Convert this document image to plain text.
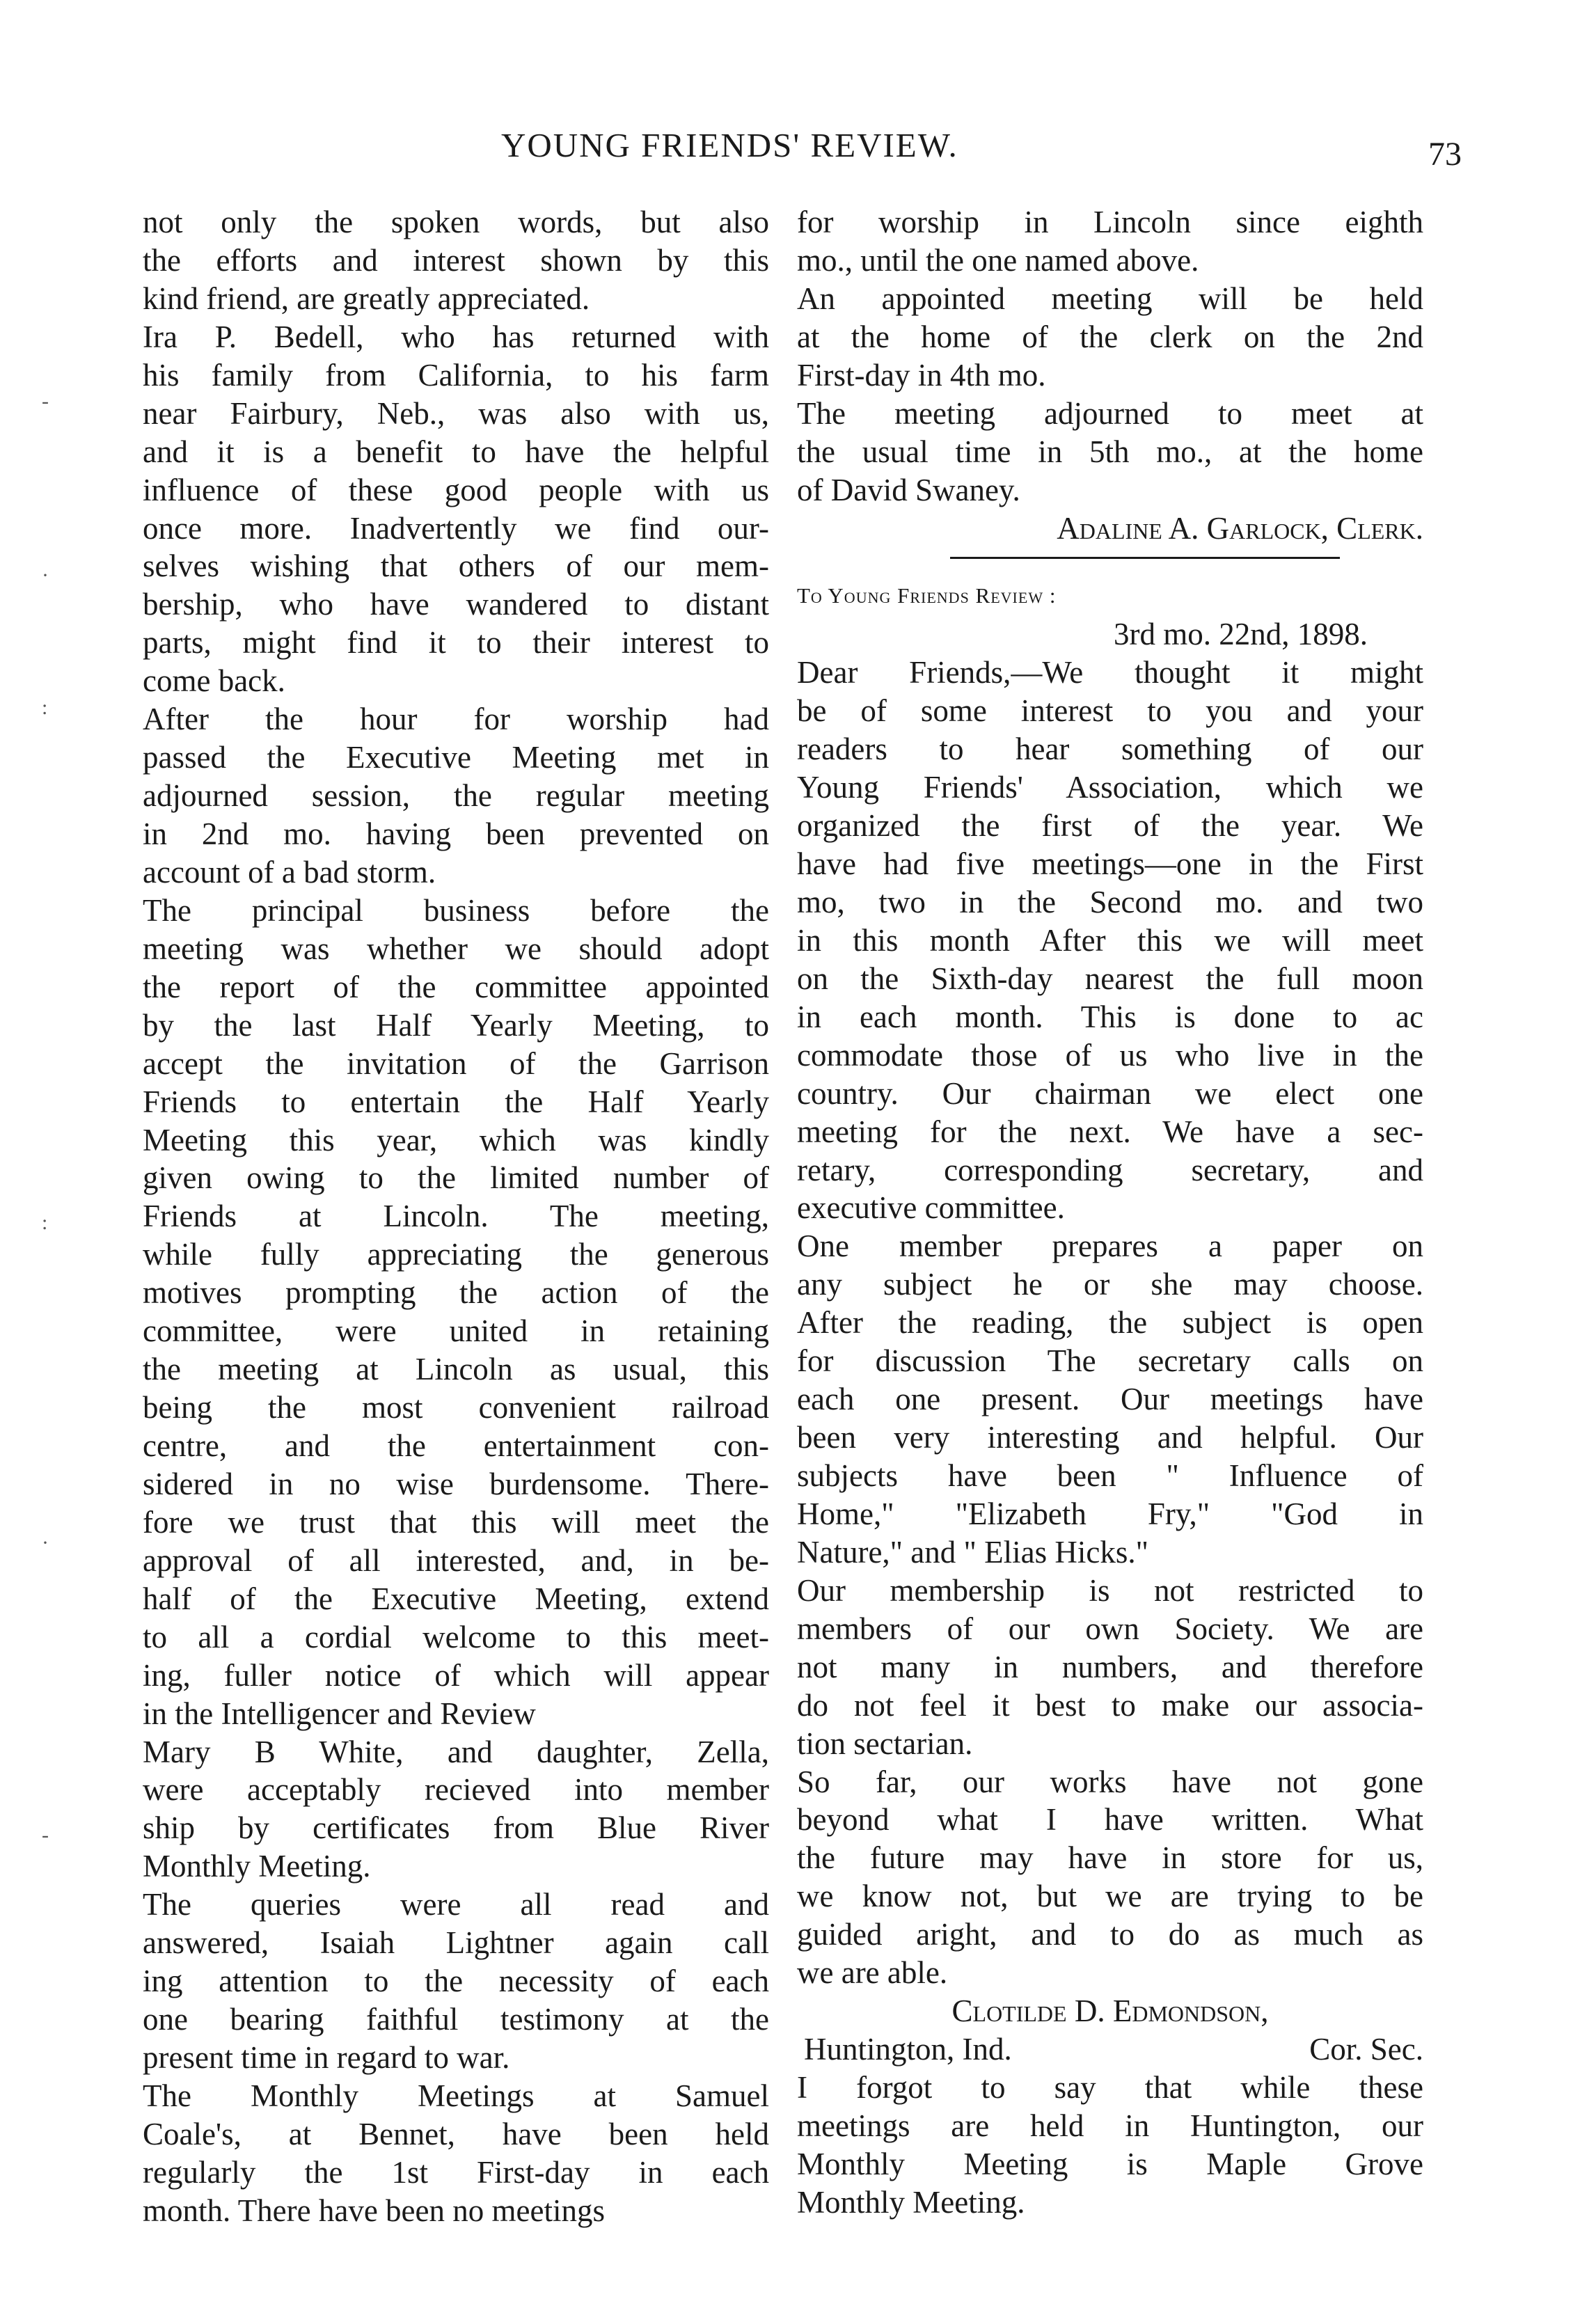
YOUNG FRIENDS' REVIEW.	73
not only the spoken words, but also
the efforts and interest shown by this
kind friend, are greatly appreciated.
Ira P. Bedell, who has returned with
his family from California, to his farm
near Fairbury, Neb., was also with us,
and it is a benefit to have the helpful
influence of these good people with us
once more. Inadvertently we find our-
selves wishing that others of our mem-
bership, who have wandered to distant
parts, might find it to their interest to
come back.
After the hour for worship had
passed the Executive Meeting met in
adjourned session, the regular meeting
in 2nd mo. having been prevented on
account of a bad storm.
The principal business before the
meeting was whether we should adopt
the report of the committee appointed
by the last Half Yearly Meeting, to
accept the invitation of the Garrison
Friends to entertain the Half Yearly
Meeting this year, which was kindly
given owing to the limited number of
Friends at Lincoln. The meeting,
while fully appreciating the generous
motives prompting the action of the
committee, were united in retaining
the meeting at Lincoln as usual, this
being the most convenient railroad
centre, and the entertainment con-
sidered in no wise burdensome. There-
fore we trust that this will meet the
approval of all interested, and, in be-
half of the Executive Meeting, extend
to all a cordial welcome to this meet-
ing, fuller notice of which will appear
in the Intelligencer and Review
Mary B White, and daughter, Zella,
were acceptably recieved into member
ship by certificates from Blue River
Monthly Meeting.
The queries were all read and
answered, Isaiah Lightner again call
ing attention to the necessity of each
one bearing faithful testimony at the
present time in regard to war.
The Monthly Meetings at Samuel
Coale's, at Bennet, have been held
regularly the 1st First-day in each
month. There have been no meetings
for worship in Lincoln since eighth
mo., until the one named above.
An appointed meeting will be held
at the home of the clerk on the 2nd
First-day in 4th mo.
The meeting adjourned to meet at
the usual time in 5th mo., at the home
of David Swaney.
Adaline A. Garlock, Clerk.
To Young Friends Review :
3rd mo. 22nd, 1898.
Dear Friends,—We thought it might
be of some interest to you and your
readers to hear something of our
Young Friends' Association, which we
organized the first of the year. We
have had five meetings—one in the First
mo, two in the Second mo. and two
in this month After this we will meet
on the Sixth-day nearest the full moon
in each month. This is done to ac
commodate those of us who live in the
country. Our chairman we elect one
meeting for the next. We have a sec-
retary, corresponding secretary, and
executive committee.
One member prepares a paper on
any subject he or she may choose.
After the reading, the subject is open
for discussion The secretary calls on
each one present. Our meetings have
been very interesting and helpful. Our
subjects have been " Influence of
Home," "Elizabeth Fry," "God in
Nature," and " Elias Hicks."
Our membership is not restricted to
members of our own Society. We are
not many in numbers, and therefore
do not feel it best to make our associa-
tion sectarian.
So far, our works have not gone
beyond what I have written. What
the future may have in store for us,
we know not, but we are trying to be
guided aright, and to do as much as
we are able.
Clotilde D. Edmondson,
Huntington, Ind.	Cor. Sec.
I forgot to say that while these
meetings are held in Huntington, our
Monthly Meeting is Maple Grove
Monthly Meeting.
-
·
:
:
·
-
